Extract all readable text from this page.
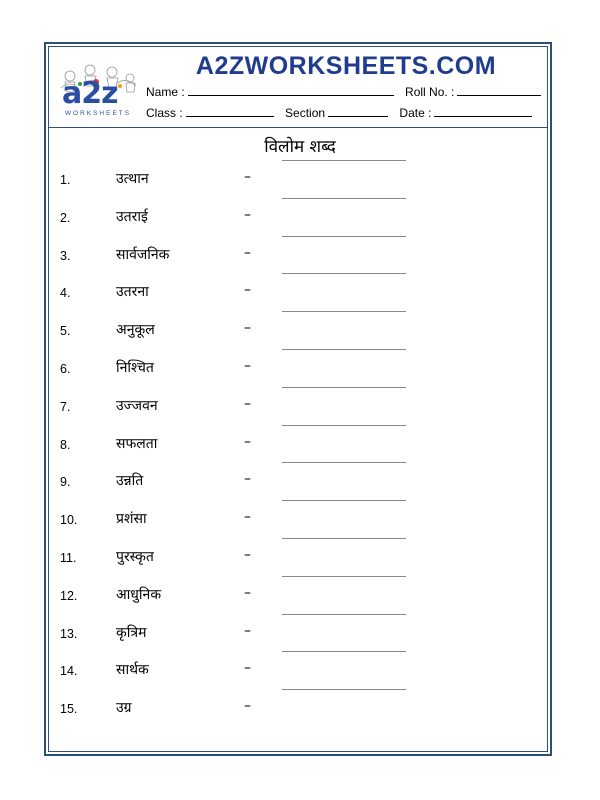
a2z
WORKSHEETS
A2ZWORKSHEETS.COM
Name :	Roll No. :
Class :	Section	Date :
विलोम शब्द
1.	उत्थान	–
2.	उतराई	–
3.	सार्वजनिक	–
4.	उतरना	–
5.	अनुकूल	–
6.	निश्चित	–
7.	उज्जवन	–
8.	सफलता	–
9.	उन्नति	–
10.	प्रशंसा	–
11.	पुरस्कृत	–
12.	आधुनिक	–
13.	कृत्रिम	–
14.	सार्थक	–
15.	उग्र	–
